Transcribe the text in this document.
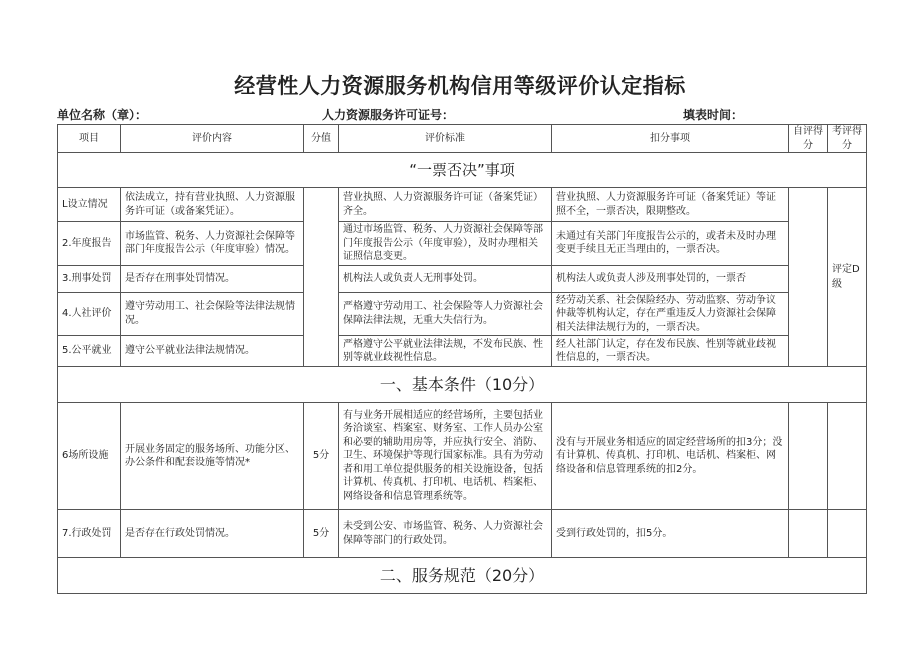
经营性人力资源服务机构信用等级评价认定指标
单位名称（章）：	人力资源服务许可证号：	填表时间：
项目	评价内容	分值	评价标准	扣分事项	自评得分	考评得分
“一票否决”事项						
L设立情况	依法成立，持有营业执照、人力资源服务许可证（或备案凭证）。		营业执照、人力资源服务许可证（备案凭证）齐全。	营业执照、人力资源服务许可证（备案凭证）等证照不全，一票否决，限期整改。		评定D级
2.年度报告	市场监管、税务、人力资源社会保障等部门年度报告公示（年度审验）情况。		通过市场监管、税务、人力资源社会保障等部门年度报告公示（年度审验），及时办理相关证照信息变更。	未通过有关部门年度报告公示的，或者未及时办理变更手续且无正当理由的，一票否决。		
3.刑事处罚	是否存在刑事处罚情况。		机构法人或负责人无刑事处罚。	机构法人或负责人涉及刑事处罚的，一票否		
4.人社评价	遵守劳动用工、社会保险等法律法规情况。		严格遵守劳动用工、社会保险等人力资源社会保障法律法规，无重大失信行为。	经劳动关系、社会保险经办、劳动监察、劳动争议仲裁等机构认定，存在严重违反人力资源社会保障相关法律法规行为的，一票否决。		
5.公平就业	遵守公平就业法律法规情况。		严格遵守公平就业法律法规，不发布民族、性别等就业歧视性信息。	经人社部门认定，存在发布民族、性别等就业歧视性信息的，一票否决。		
一、基本条件（10分）						
6场所设施	开展业务固定的服务场所、功能分区、办公条件和配套设施等情况*	5分	有与业务开展相适应的经营场所，主要包括业务洽谈室、档案室、财务室、工作人员办公室和必要的辅助用房等，并应执行安全、消防、卫生、环境保护等现行国家标准。具有为劳动者和用工单位提供服务的相关设施设备，包括计算机、传真机、打印机、电话机、档案柜、网络设备和信息管理系统等。	没有与开展业务相适应的固定经营场所的扣3分；没有计算机、传真机、打印机、电话机、档案柜、网络设备和信息管理系统的扣2分。		
7.行政处罚	是否存在行政处罚情况。	5分	未受到公安、市场监管、税务、人力资源社会保障等部门的行政处罚。	受到行政处罚的，扣5分。		
二、服务规范（20分）						
